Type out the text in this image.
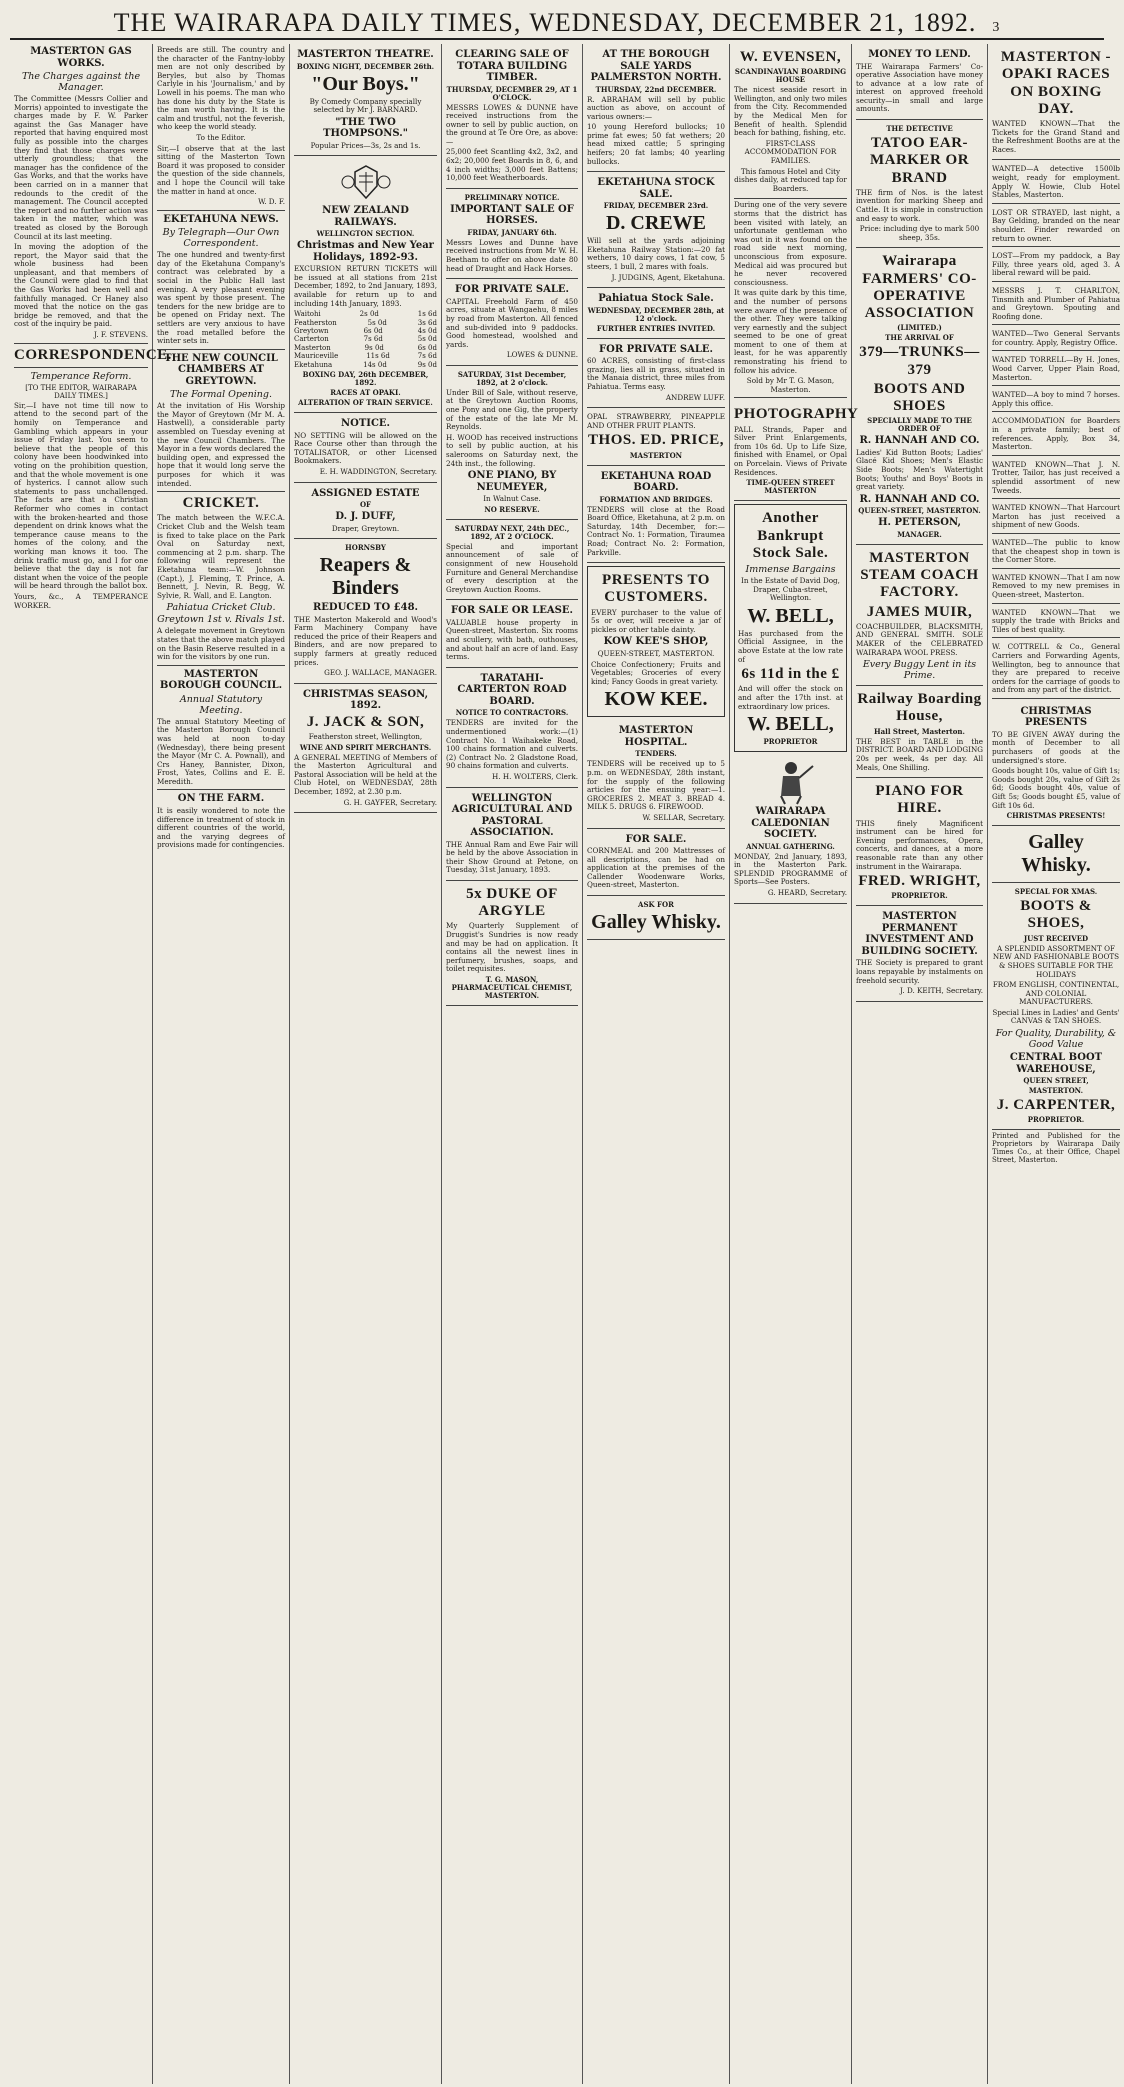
THE WAIRARAPA DAILY TIMES, WEDNESDAY, DECEMBER 21, 1892. 3
MASTERTON GAS WORKS.
The Charges against the Manager.

The Committee (Messrs Collier and Morris) appointed to investigate the charges made by F. W. Parker against the Gas Manager have reported that having enquired most fully as possible into the charges they find that those charges were utterly groundless; that the manager has the confidence of the Gas Works, and that the works have been carried on in a manner that redounds to the credit of the management. The Council accepted the report and no further action was taken in the matter, which was treated as closed by the Borough Council at its last meeting.

In moving the adoption of the report, the Mayor said that the whole business had been unpleasant, and that members of the Council were glad to find that the Gas Works had been well and faithfully managed. Cr Haney also moved that the notice on the gas bridge be removed, and that the cost of the inquiry be paid.

J. F. STEVENS.
CORRESPONDENCE.
Temperance Reform.
[TO THE EDITOR, WAIRARAPA DAILY TIMES.]

Sir,—I have not time till now to attend to the second part of the homily on Temperance and Gambling which appears in your issue of Friday last. You seem to believe that the people of this colony have been hoodwinked into voting on the prohibition question, and that the whole movement is one of hysterics. I cannot allow such statements to pass unchallenged. The facts are that a Christian Reformer who comes in contact with the broken-hearted and those dependent on drink knows what the temperance cause means to the homes of the colony, and the working man knows it too. The drink traffic must go, and I for one believe that the day is not far distant when the voice of the people will be heard through the ballot box.

Yours, &c., A TEMPERANCE WORKER.

Breeds are still. The country and the character of the Fantny-lobby men are not only described by Beryles, but also by Thomas Carlyle in his 'Journalism,' and by Lowell in his poems. The man who has done his duty by the State is the man worth having. It is the calm and trustful, not the feverish, who keep the world steady.

To the Editor.

Sir,—I observe that at the last sitting of the Masterton Town Board it was proposed to consider the question of the side channels, and I hope the Council will take the matter in hand at once.

W. D. F.
EKETAHUNA NEWS.
By Telegraph—Our Own Correspondent.

The one hundred and twenty-first day of the Eketahuna Company's contract was celebrated by a social in the Public Hall last evening. A very pleasant evening was spent by those present. The tenders for the new bridge are to be opened on Friday next. The settlers are very anxious to have the road metalled before the winter sets in.

THE NEW COUNCIL CHAMBERS AT GREYTOWN.
The Formal Opening.

At the invitation of His Worship the Mayor of Greytown (Mr M. A. Hastwell), a considerable party assembled on Tuesday evening at the new Council Chambers. The Mayor in a few words declared the building open, and expressed the hope that it would long serve the purposes for which it was intended.

CRICKET.

The match between the W.F.C.A. Cricket Club and the Welsh team is fixed to take place on the Park Oval on Saturday next, commencing at 2 p.m. sharp. The following will represent the Eketahuna team:—W. Johnson (Capt.), J. Fleming, T. Prince, A. Bennett, J. Nevin, R. Begg, W. Sylvie, R. Wall, and E. Langton.

Pahiatua Cricket Club.
Greytown 1st v. Rivals 1st.

A delegate movement in Greytown states that the above match played on the Basin Reserve resulted in a win for the visitors by one run.

MASTERTON BOROUGH COUNCIL.
Annual Statutory Meeting.

The annual Statutory Meeting of the Masterton Borough Council was held at noon to-day (Wednesday), there being present the Mayor (Mr C. A. Pownall), and Crs Haney, Bannister, Dixon, Frost, Yates, Collins and E. E. Meredith.

ON THE FARM.

It is easily wondered to note the difference in treatment of stock in different countries of the world, and the varying degrees of provisions made for contingencies.

MASTERTON THEATRE.
BOXING NIGHT, DECEMBER 26th.
"Our Boys."
By Comedy Company specially selected by Mr J. BARNARD.
"THE TWO THOMPSONS."
Popular Prices—3s, 2s and 1s.
NEW ZEALAND RAILWAYS.
WELLINGTON SECTION.
Christmas and New Year Holidays, 1892-93.

EXCURSION RETURN TICKETS will be issued at all stations from 21st December, 1892, to 2nd January, 1893, available for return up to and including 14th January, 1893.

Waitohi	2s 0d	1s 6d
Featherston	5s 0d	3s 6d
Greytown	6s 0d	4s 0d
Carterton	7s 6d	5s 0d
Masterton	9s 0d	6s 0d
Mauriceville	11s 6d	7s 6d
Eketahuna	14s 0d	9s 0d
BOXING DAY, 26th DECEMBER, 1892.
RACES AT OPAKI.
ALTERATION OF TRAIN SERVICE.
NOTICE.

NO SETTING will be allowed on the Race Course other than through the TOTALISATOR, or other Licensed Bookmakers.

E. H. WADDINGTON, Secretary.
ASSIGNED ESTATE
OF
D. J. DUFF,
Draper, Greytown.
HORNSBY
Reapers & Binders
REDUCED TO £48.

THE Masterton Makerold and Wood's Farm Machinery Company have reduced the price of their Reapers and Binders, and are now prepared to supply farmers at greatly reduced prices.

GEO. J. WALLACE, MANAGER.
CHRISTMAS SEASON, 1892.
J. JACK & SON,
Featherston street, Wellington,
WINE AND SPIRIT MERCHANTS.

A GENERAL MEETING of Members of the Masterton Agricultural and Pastoral Association will be held at the Club Hotel, on WEDNESDAY, 28th December, 1892, at 2.30 p.m.

G. H. GAYFER, Secretary.
CLEARING SALE OF TOTARA BUILDING TIMBER.
THURSDAY, DECEMBER 29, AT 1 O'CLOCK.

MESSRS LOWES & DUNNE have received instructions from the owner to sell by public auction, on the ground at Te Ore Ore, as above:—

25,000 feet Scantling 4x2, 3x2, and 6x2; 20,000 feet Boards in 8, 6, and 4 inch widths; 3,000 feet Battens; 10,000 feet Weatherboards.

PRELIMINARY NOTICE.
IMPORTANT SALE OF HORSES.
FRIDAY, JANUARY 6th.

Messrs Lowes and Dunne have received instructions from Mr W. H. Beetham to offer on above date 80 head of Draught and Hack Horses.

FOR PRIVATE SALE.

CAPITAL Freehold Farm of 450 acres, situate at Wangaehu, 8 miles by road from Masterton. All fenced and sub-divided into 9 paddocks. Good homestead, woolshed and yards.

LOWES & DUNNE.
SATURDAY, 31st December, 1892, at 2 o'clock.

Under Bill of Sale, without reserve, at the Greytown Auction Rooms, one Pony and one Gig, the property of the estate of the late Mr M. Reynolds.

H. WOOD has received instructions to sell by public auction, at his salerooms on Saturday next, the 24th inst., the following.

ONE PIANO, BY NEUMEYER,
In Walnut Case.
NO RESERVE.
SATURDAY NEXT, 24th DEC., 1892, AT 2 O'CLOCK.

Special and important announcement of sale of consignment of new Household Furniture and General Merchandise of every description at the Greytown Auction Rooms.

FOR SALE OR LEASE.

VALUABLE house property in Queen-street, Masterton. Six rooms and scullery, with bath, outhouses, and about half an acre of land. Easy terms.

TARATAHI-CARTERTON ROAD BOARD.
NOTICE TO CONTRACTORS.

TENDERS are invited for the undermentioned work:—(1) Contract No. 1 Waihakeke Road, 100 chains formation and culverts. (2) Contract No. 2 Gladstone Road, 90 chains formation and culverts.

H. H. WOLTERS, Clerk.
WELLINGTON AGRICULTURAL AND PASTORAL ASSOCIATION.

THE Annual Ram and Ewe Fair will be held by the above Association in their Show Ground at Petone, on Tuesday, 31st January, 1893.

5x DUKE OF ARGYLE

My Quarterly Supplement of Druggist's Sundries is now ready and may be had on application. It contains all the newest lines in perfumery, brushes, soaps, and toilet requisites.

T. G. MASON, PHARMACEUTICAL CHEMIST, MASTERTON.
AT THE BOROUGH SALE YARDS PALMERSTON NORTH.
THURSDAY, 22nd DECEMBER.

R. ABRAHAM will sell by public auction as above, on account of various owners:—

10 young Hereford bullocks; 10 prime fat ewes; 50 fat wethers; 20 head mixed cattle; 5 springing heifers; 20 fat lambs; 40 yearling bullocks.

EKETAHUNA STOCK SALE.
FRIDAY, DECEMBER 23rd.
D. CREWE

Will sell at the yards adjoining Eketahuna Railway Station:—20 fat wethers, 10 dairy cows, 1 fat cow, 5 steers, 1 bull, 2 mares with foals.

J. JUDGINS, Agent, Eketahuna.
Pahiatua Stock Sale.
WEDNESDAY, DECEMBER 28th, at 12 o'clock.
FURTHER ENTRIES INVITED.
FOR PRIVATE SALE.

60 ACRES, consisting of first-class grazing, lies all in grass, situated in the Manaia district, three miles from Pahiatua. Terms easy.

ANDREW LUFF.

OPAL STRAWBERRY, PINEAPPLE AND OTHER FRUIT PLANTS.

THOS. ED. PRICE,
MASTERTON
EKETAHUNA ROAD BOARD.
FORMATION AND BRIDGES.

TENDERS will close at the Road Board Office, Eketahuna, at 2 p.m. on Saturday, 14th December, for:—Contract No. 1: Formation, Tiraumea Road; Contract No. 2: Formation, Parkville.

PRESENTS TO CUSTOMERS.

EVERY purchaser to the value of 5s or over, will receive a jar of pickles or other table dainty.

KOW KEE'S SHOP,
QUEEN-STREET, MASTERTON.

Choice Confectionery; Fruits and Vegetables; Groceries of every kind; Fancy Goods in great variety.

KOW KEE.
MASTERTON HOSPITAL.
TENDERS.

TENDERS will be received up to 5 p.m. on WEDNESDAY, 28th instant, for the supply of the following articles for the ensuing year:—1. GROCERIES 2. MEAT 3. BREAD 4. MILK 5. DRUGS 6. FIREWOOD.

W. SELLAR, Secretary.
FOR SALE.

CORNMEAL and 200 Mattresses of all descriptions, can be had on application at the premises of the Callender Woodenware Works, Queen-street, Masterton.

ASK FOR
Galley Whisky.
W. EVENSEN,
SCANDINAVIAN BOARDING HOUSE

The nicest seaside resort in Wellington, and only two miles from the City. Recommended by the Medical Men for Benefit of health. Splendid beach for bathing, fishing, etc.

FIRST-CLASS ACCOMMODATION FOR FAMILIES.
This famous Hotel and City dishes daily, at reduced tap for Boarders.

During one of the very severe storms that the district has been visited with lately, an unfortunate gentleman who was out in it was found on the road side next morning, unconscious from exposure. Medical aid was procured but he never recovered consciousness.

It was quite dark by this time, and the number of persons were aware of the presence of the other. They were talking very earnestly and the subject seemed to be one of great moment to one of them at least, for he was apparently remonstrating his friend to follow his advice.

Sold by Mr T. G. Mason, Masterton.
PHOTOGRAPHY

PALL Strands, Paper and Silver Print Enlargements, from 10s 6d. Up to Life Size, finished with Enamel, or Opal on Porcelain. Views of Private Residences.

TIME-QUEEN STREET MASTERTON
Another Bankrupt Stock Sale.
Immense Bargains
In the Estate of David Dog, Draper, Cuba-street, Wellington.
W. BELL,

Has purchased from the Official Assignee, in the above Estate at the low rate of

6s 11d in the £

And will offer the stock on and after the 17th inst. at extraordinary low prices.

W. BELL,
PROPRIETOR
WAIRARAPA CALEDONIAN SOCIETY.
ANNUAL GATHERING.

MONDAY, 2nd January, 1893, in the Masterton Park. SPLENDID PROGRAMME of Sports—See Posters.

G. HEARD, Secretary.
MONEY TO LEND.

THE Wairarapa Farmers' Co-operative Association have money to advance at a low rate of interest on approved freehold security—in small and large amounts.

THE DETECTIVE
TATOO EAR-MARKER OR BRAND

THE firm of Nos. is the latest invention for marking Sheep and Cattle. It is simple in construction and easy to work.

Price: including dye to mark 500 sheep, 35s.
Wairarapa FARMERS' CO-OPERATIVE ASSOCIATION
(LIMITED.)
THE ARRIVAL OF
379—TRUNKS—379
BOOTS AND SHOES
SPECIALLY MADE TO THE ORDER OF
R. HANNAH AND CO.

Ladies' Kid Button Boots; Ladies' Glacé Kid Shoes; Men's Elastic Side Boots; Men's Watertight Boots; Youths' and Boys' Boots in great variety.

R. HANNAH AND CO.
QUEEN-STREET, MASTERTON.
H. PETERSON,
MANAGER.
MASTERTON STEAM COACH FACTORY.
JAMES MUIR,

COACHBUILDER, BLACKSMITH, AND GENERAL SMITH. SOLE MAKER of the CELEBRATED WAIRARAPA WOOL PRESS.

Every Buggy Lent in its Prime.
Railway Boarding House,
Hall Street, Masterton.

THE BEST in TABLE in the DISTRICT. BOARD AND LODGING 20s per week, 4s per day. All Meals, One Shilling.

PIANO FOR HIRE.

THIS finely Magnificent instrument can be hired for Evening performances, Opera, concerts, and dances, at a more reasonable rate than any other instrument in the Wairarapa.

FRED. WRIGHT,
PROPRIETOR.
MASTERTON PERMANENT INVESTMENT AND BUILDING SOCIETY.

THE Society is prepared to grant loans repayable by instalments on freehold security.

J. D. KEITH, Secretary.
MASTERTON - OPAKI RACES ON BOXING DAY.

WANTED KNOWN—That the Tickets for the Grand Stand and the Refreshment Booths are at the Races.

WANTED—A detective 1500lb weight, ready for employment. Apply W. Howie, Club Hotel Stables, Masterton.

LOST OR STRAYED, last night, a Bay Gelding, branded on the near shoulder. Finder rewarded on return to owner.

LOST—From my paddock, a Bay Filly, three years old, aged 3. A liberal reward will be paid.

MESSRS J. T. CHARLTON, Tinsmith and Plumber of Pahiatua and Greytown. Spouting and Roofing done.

WANTED—Two General Servants for country. Apply, Registry Office.

WANTED TORRELL—By H. Jones, Wood Carver, Upper Plain Road, Masterton.

WANTED—A boy to mind 7 horses. Apply this office.

ACCOMMODATION for Boarders in a private family; best of references. Apply, Box 34, Masterton.

WANTED KNOWN—That J. N. Trotter, Tailor, has just received a splendid assortment of new Tweeds.

WANTED KNOWN—That Harcourt Marton has just received a shipment of new Goods.

WANTED—The public to know that the cheapest shop in town is the Corner Store.

WANTED KNOWN—That I am now Removed to my new premises in Queen-street, Masterton.

WANTED KNOWN—That we supply the trade with Bricks and Tiles of best quality.

W. COTTRELL & Co., General Carriers and Forwarding Agents, Wellington, beg to announce that they are prepared to receive orders for the carriage of goods to and from any part of the district.

CHRISTMAS PRESENTS

TO BE GIVEN AWAY during the month of December to all purchasers of goods at the undersigned's store.

Goods bought 10s, value of Gift 1s; Goods bought 20s, value of Gift 2s 6d; Goods bought 40s, value of Gift 5s; Goods bought £5, value of Gift 10s 6d.

CHRISTMAS PRESENTS!
Galley Whisky.
SPECIAL FOR XMAS.
BOOTS & SHOES,
JUST RECEIVED

A SPLENDID ASSORTMENT OF NEW AND FASHIONABLE BOOTS & SHOES SUITABLE FOR THE HOLIDAYS

FROM ENGLISH, CONTINENTAL, AND COLONIAL MANUFACTURERS.
Special Lines in Ladies' and Gents' CANVAS & TAN SHOES.
For Quality, Durability, & Good Value
CENTRAL BOOT WAREHOUSE,
QUEEN STREET,
MASTERTON.
J. CARPENTER,
PROPRIETOR.

Printed and Published for the Proprietors by Wairarapa Daily Times Co., at their Office, Chapel Street, Masterton.
